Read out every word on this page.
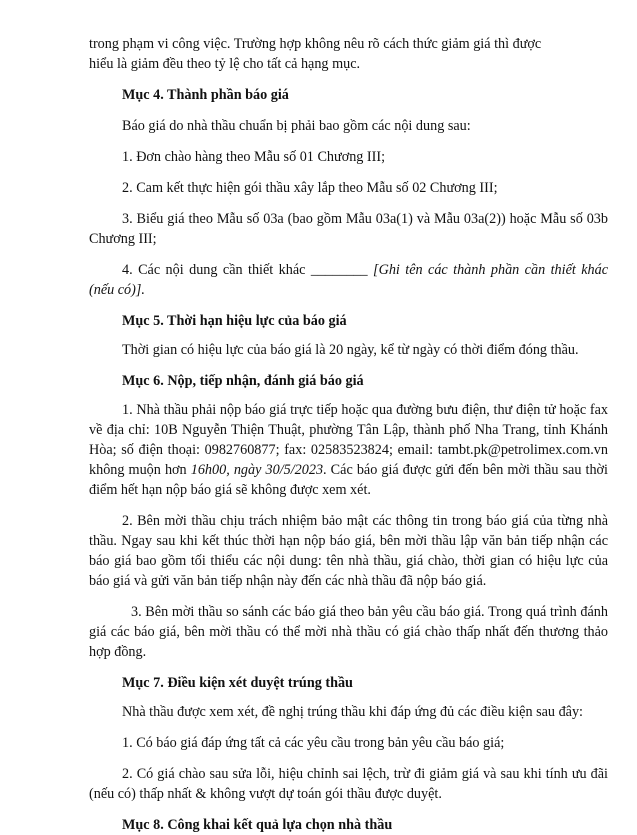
trong phạm vi công việc. Trường hợp không nêu rõ cách thức giảm giá thì được

hiểu là giảm đều theo tỷ lệ cho tất cả hạng mục.

Mục 4. Thành phần báo giá

Báo giá do nhà thầu chuẩn bị phải bao gồm các nội dung sau:

1. Đơn chào hàng theo Mẫu số 01 Chương III;

2. Cam kết thực hiện gói thầu xây lắp theo Mẫu số 02 Chương III;

3. Biểu giá theo Mẫu số 03a (bao gồm Mẫu 03a(1) và Mẫu 03a(2)) hoặc Mẫu số 03b Chương III;

4. Các nội dung cần thiết khác ________ [Ghi tên các thành phần cần thiết khác (nếu có)].

Mục 5. Thời hạn hiệu lực của báo giá

Thời gian có hiệu lực của báo giá là 20 ngày, kể từ ngày có thời điểm đóng thầu.

Mục 6. Nộp, tiếp nhận, đánh giá báo giá

1. Nhà thầu phải nộp báo giá trực tiếp hoặc qua đường bưu điện, thư điện tử hoặc fax về địa chỉ: 10B Nguyễn Thiện Thuật, phường Tân Lập, thành phố Nha Trang, tỉnh Khánh Hòa; số điện thoại: 0982760877; fax: 02583523824; email: tambt.pk@petrolimex.com.vn không muộn hơn 16h00, ngày 30/5/2023. Các báo giá được gửi đến bên mời thầu sau thời điểm hết hạn nộp báo giá sẽ không được xem xét.

2. Bên mời thầu chịu trách nhiệm bảo mật các thông tin trong báo giá của từng nhà thầu. Ngay sau khi kết thúc thời hạn nộp báo giá, bên mời thầu lập văn bản tiếp nhận các báo giá bao gồm tối thiểu các nội dung: tên nhà thầu, giá chào, thời gian có hiệu lực của báo giá và gửi văn bản tiếp nhận này đến các nhà thầu đã nộp báo giá.

3. Bên mời thầu so sánh các báo giá theo bản yêu cầu báo giá. Trong quá trình đánh giá các báo giá, bên mời thầu có thể mời nhà thầu có giá chào thấp nhất đến thương thảo hợp đồng.

Mục 7. Điều kiện xét duyệt trúng thầu

Nhà thầu được xem xét, đề nghị trúng thầu khi đáp ứng đủ các điều kiện sau đây:

1. Có báo giá đáp ứng tất cả các yêu cầu trong bản yêu cầu báo giá;

2. Có giá chào sau sửa lỗi, hiệu chỉnh sai lệch, trừ đi giảm giá và sau khi tính ưu đãi (nếu có) thấp nhất & không vượt dự toán gói thầu được duyệt.

Mục 8. Công khai kết quả lựa chọn nhà thầu
